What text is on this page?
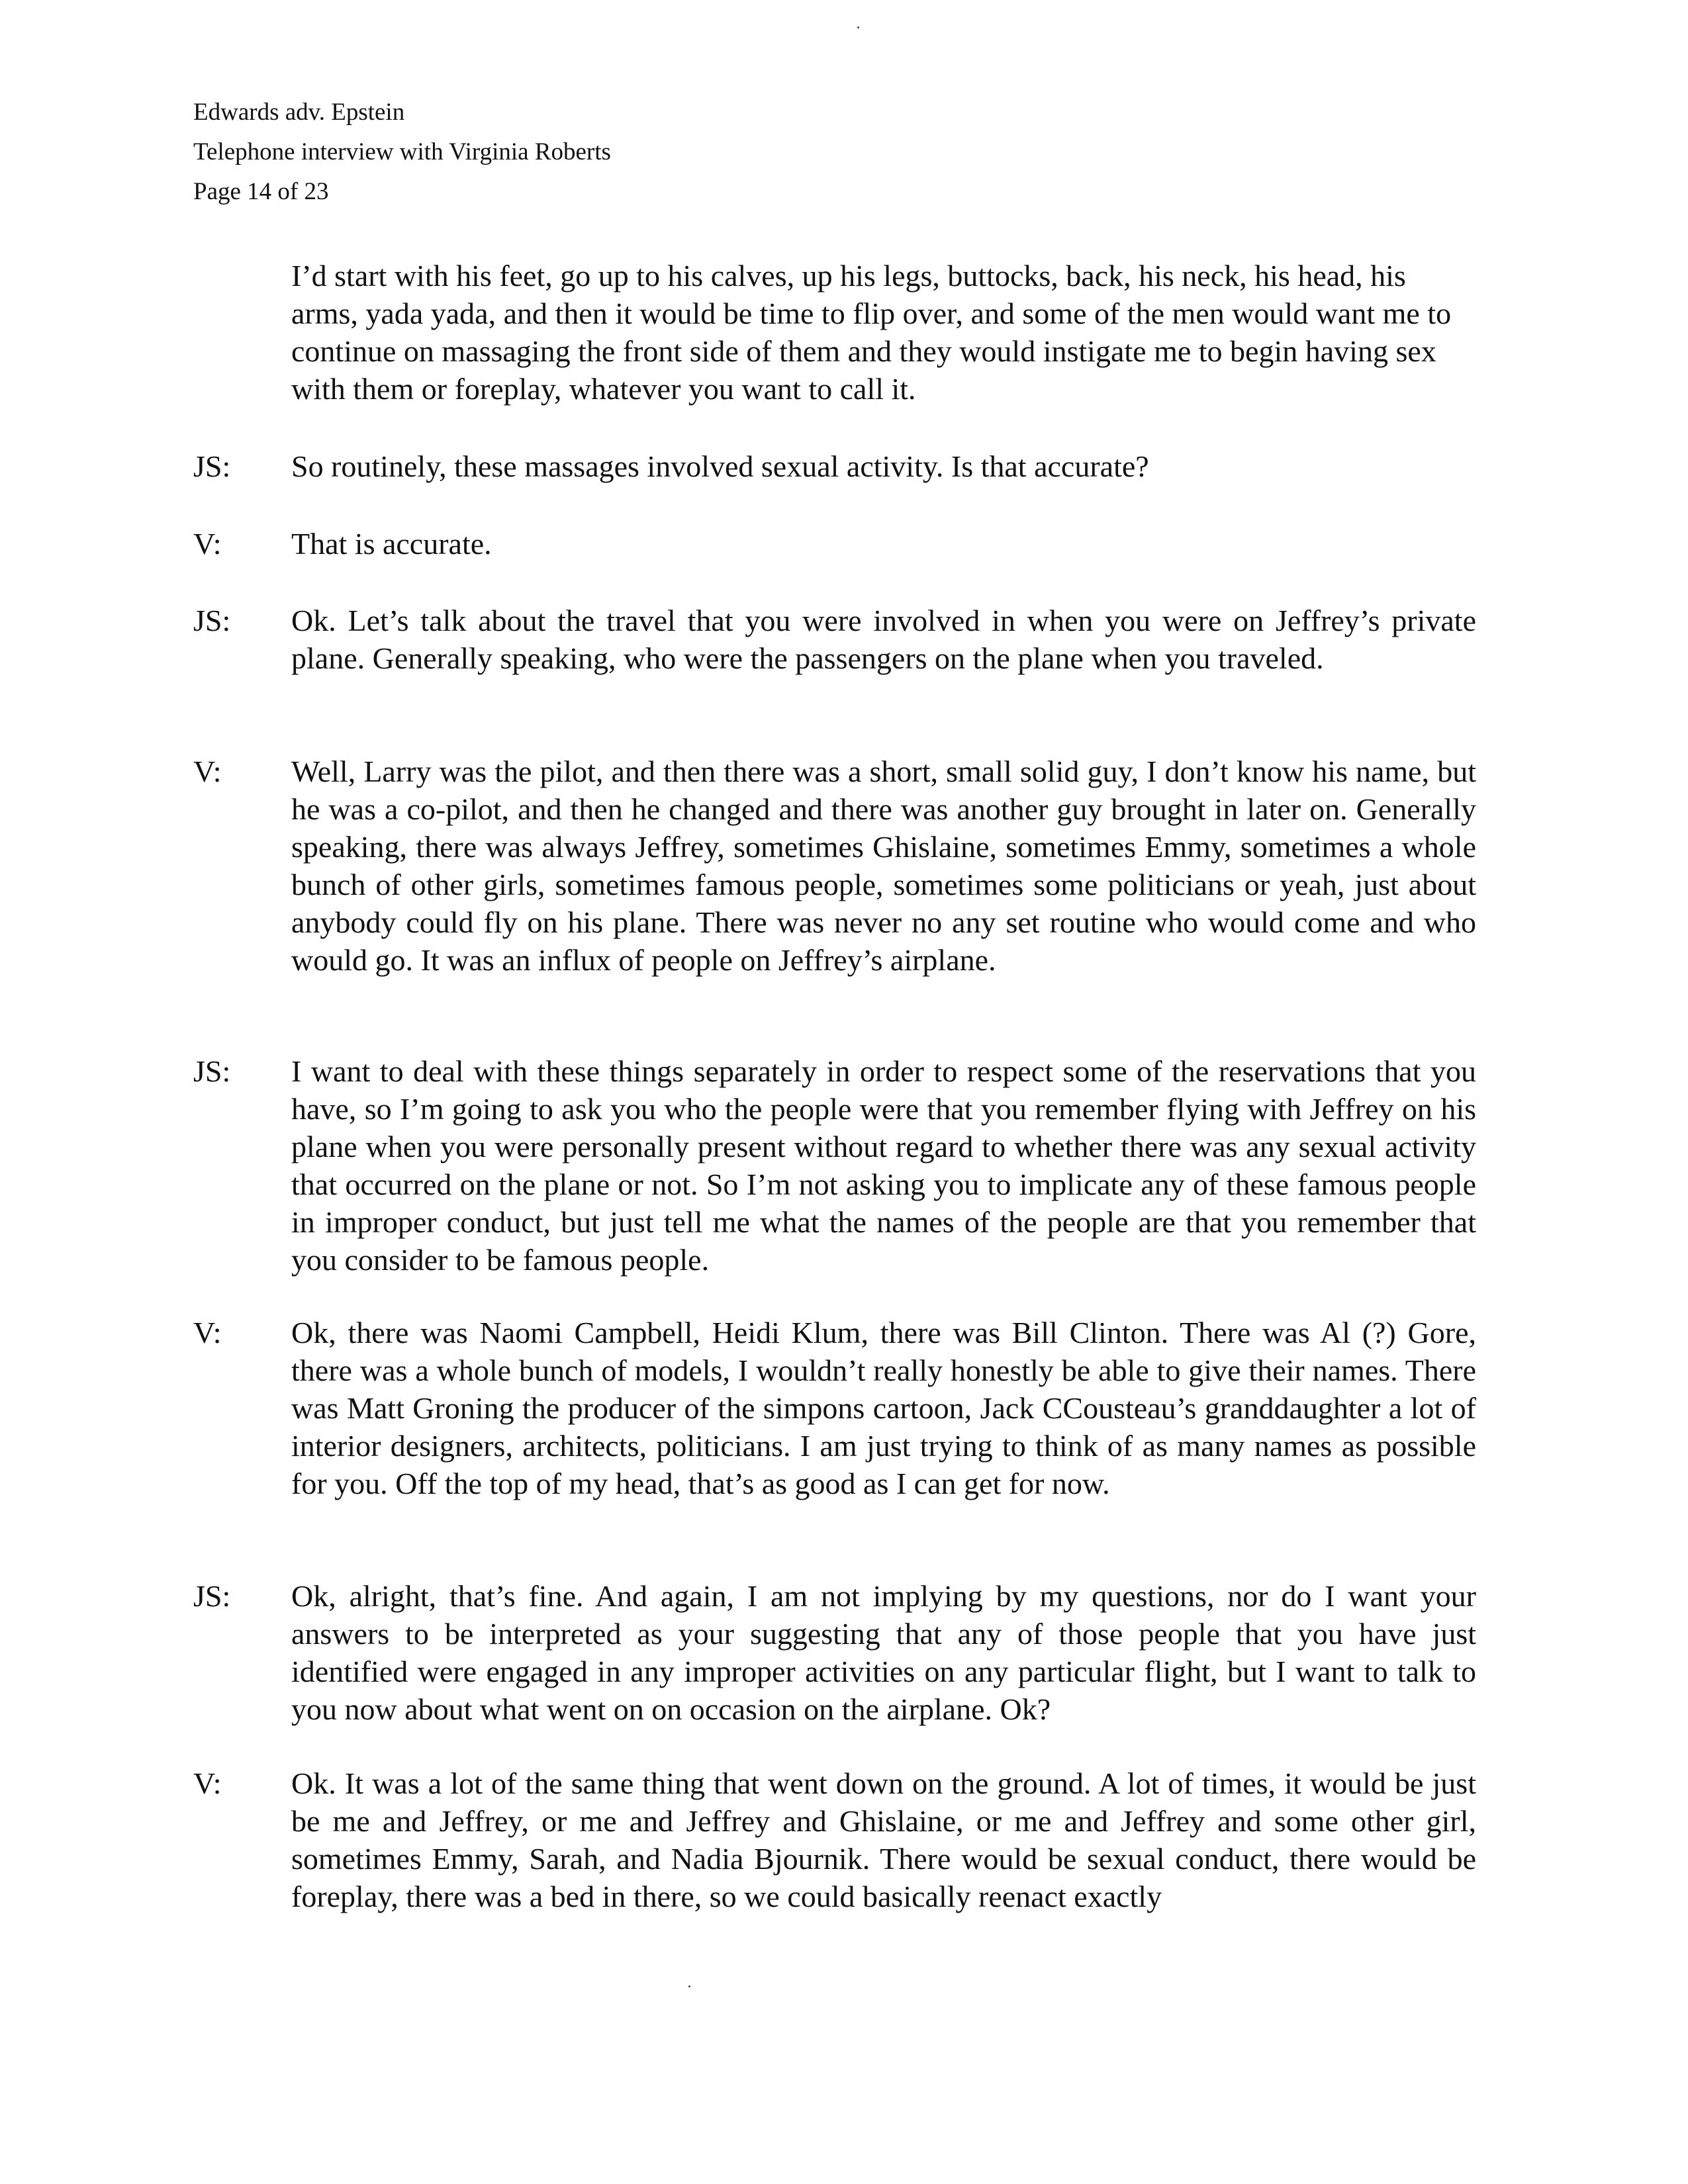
Edwards adv. Epstein
Telephone interview with Virginia Roberts
Page 14 of 23
I’d start with his feet, go up to his calves, up his legs, buttocks, back, his neck, his head, his arms, yada yada, and then it would be time to flip over, and some of the men would want me to continue on massaging the front side of them and they would instigate me to begin having sex with them or foreplay, whatever you want to call it.
JS:	So routinely, these massages involved sexual activity. Is that accurate?
V:	That is accurate.
JS:	Ok. Let’s talk about the travel that you were involved in when you were on Jeffrey’s private plane. Generally speaking, who were the passengers on the plane when you traveled.
V:	Well, Larry was the pilot, and then there was a short, small solid guy, I don’t know his name, but he was a co-pilot, and then he changed and there was another guy brought in later on. Generally speaking, there was always Jeffrey, sometimes Ghislaine, sometimes Emmy, sometimes a whole bunch of other girls, sometimes famous people, sometimes some politicians or yeah, just about anybody could fly on his plane. There was never no any set routine who would come and who would go. It was an influx of people on Jeffrey’s airplane.
JS:	I want to deal with these things separately in order to respect some of the reservations that you have, so I’m going to ask you who the people were that you remember flying with Jeffrey on his plane when you were personally present without regard to whether there was any sexual activity that occurred on the plane or not. So I’m not asking you to implicate any of these famous people in improper conduct, but just tell me what the names of the people are that you remember that you consider to be famous people.
V:	Ok, there was Naomi Campbell, Heidi Klum, there was Bill Clinton. There was Al (?) Gore, there was a whole bunch of models, I wouldn’t really honestly be able to give their names. There was Matt Groning the producer of the simpons cartoon, Jack CCousteau’s granddaughter a lot of interior designers, architects, politicians. I am just trying to think of as many names as possible for you. Off the top of my head, that’s as good as I can get for now.
JS:	Ok, alright, that’s fine. And again, I am not implying by my questions, nor do I want your answers to be interpreted as your suggesting that any of those people that you have just identified were engaged in any improper activities on any particular flight, but I want to talk to you now about what went on on occasion on the airplane. Ok?
V:	Ok. It was a lot of the same thing that went down on the ground. A lot of times, it would be just be me and Jeffrey, or me and Jeffrey and Ghislaine, or me and Jeffrey and some other girl, sometimes Emmy, Sarah, and Nadia Bjournik. There would be sexual conduct, there would be foreplay, there was a bed in there, so we could basically reenact exactly
